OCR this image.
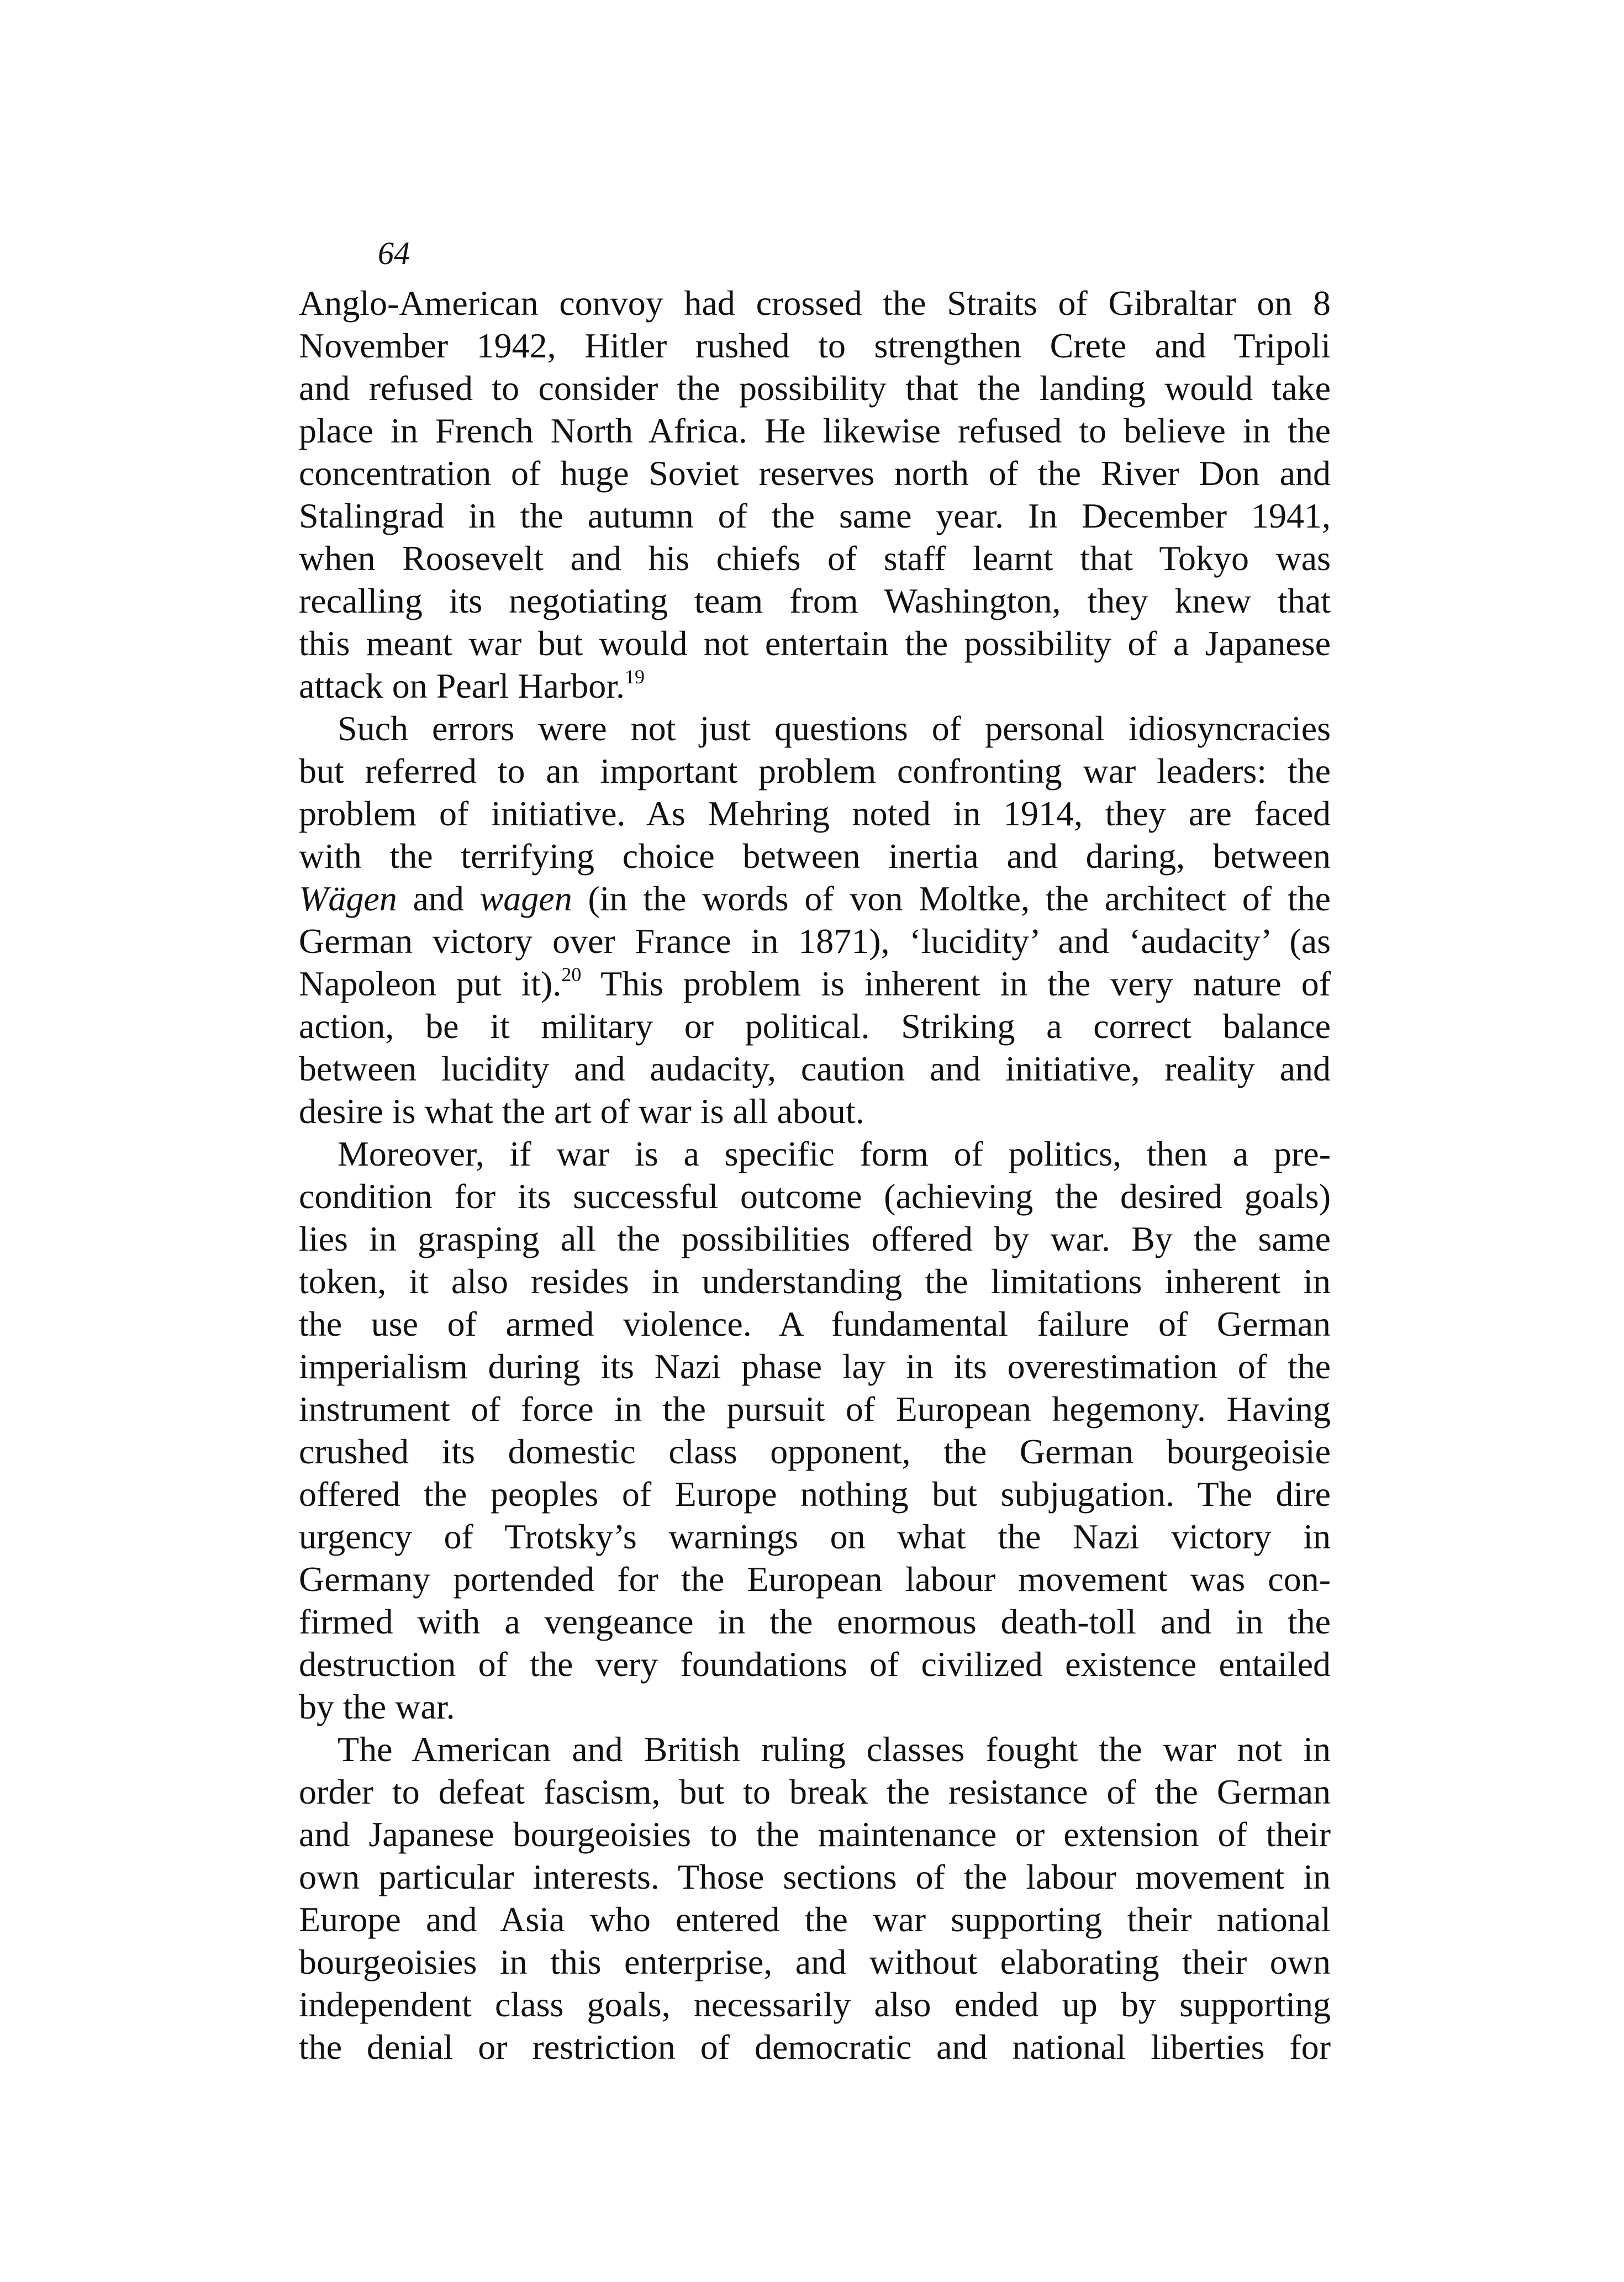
64
Anglo-American convoy had crossed the Straits of Gibraltar on 8
November 1942, Hitler rushed to strengthen Crete and Tripoli
and refused to consider the possibility that the landing would take
place in French North Africa. He likewise refused to believe in the
concentration of huge Soviet reserves north of the River Don and
Stalingrad in the autumn of the same year. In December 1941,
when Roosevelt and his chiefs of staff learnt that Tokyo was
recalling its negotiating team from Washington, they knew that
this meant war but would not entertain the possibility of a Japanese
attack on Pearl Harbor.$^{19}$
Such errors were not just questions of personal idiosyncracies
but referred to an important problem confronting war leaders: the
problem of initiative. As Mehring noted in 1914, they are faced
with the terrifying choice between inertia and daring, between
Wägen and wagen (in the words of von Moltke, the architect of the
German victory over France in 1871), ‘lucidity’ and ‘audacity’ (as
Napoleon put it).$^{20}$ This problem is inherent in the very nature of
action, be it military or political. Striking a correct balance
between lucidity and audacity, caution and initiative, reality and
desire is what the art of war is all about.
Moreover, if war is a specific form of politics, then a pre-
condition for its successful outcome (achieving the desired goals)
lies in grasping all the possibilities offered by war. By the same
token, it also resides in understanding the limitations inherent in
the use of armed violence. A fundamental failure of German
imperialism during its Nazi phase lay in its overestimation of the
instrument of force in the pursuit of European hegemony. Having
crushed its domestic class opponent, the German bourgeoisie
offered the peoples of Europe nothing but subjugation. The dire
urgency of Trotsky’s warnings on what the Nazi victory in
Germany portended for the European labour movement was con-
firmed with a vengeance in the enormous death-toll and in the
destruction of the very foundations of civilized existence entailed
by the war.
The American and British ruling classes fought the war not in
order to defeat fascism, but to break the resistance of the German
and Japanese bourgeoisies to the maintenance or extension of their
own particular interests. Those sections of the labour movement in
Europe and Asia who entered the war supporting their national
bourgeoisies in this enterprise, and without elaborating their own
independent class goals, necessarily also ended up by supporting
the denial or restriction of democratic and national liberties for
